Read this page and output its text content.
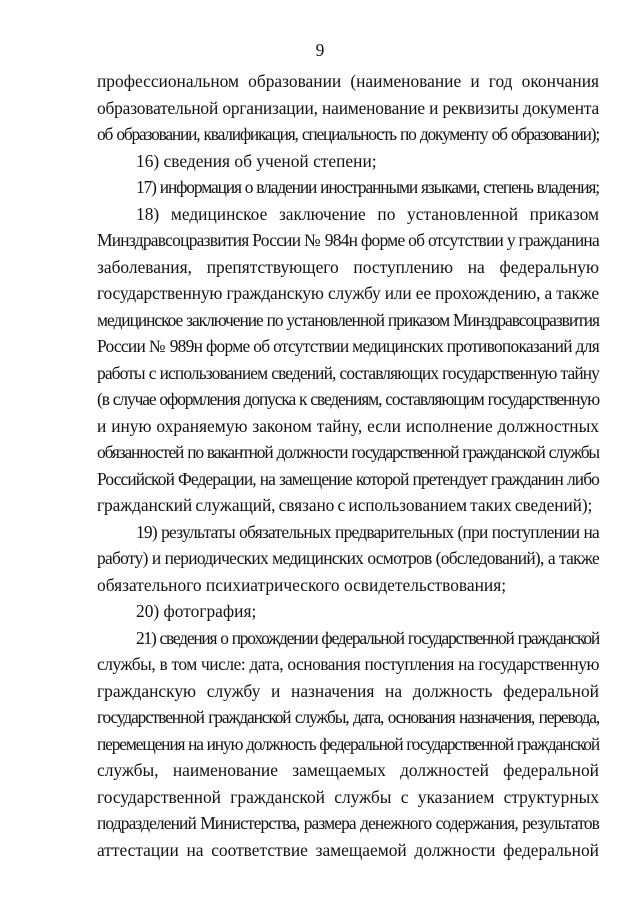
9
профессиональном образовании (наименование и год окончания
образовательной организации, наименование и реквизиты документа
об образовании, квалификация, специальность по документу об образовании);
16) сведения об ученой степени;
17) информация о владении иностранными языками, степень владения;
18) медицинское заключение по установленной приказом
Минздравсоцразвития России № 984н форме об отсутствии у гражданина
заболевания, препятствующего поступлению на федеральную
государственную гражданскую службу или ее прохождению, а также
медицинское заключение по установленной приказом Минздравсоцразвития
России № 989н форме об отсутствии медицинских противопоказаний для
работы с использованием сведений, составляющих государственную тайну
(в случае оформления допуска к сведениям, составляющим государственную
и иную охраняемую законом тайну, если исполнение должностных
обязанностей по вакантной должности государственной гражданской службы
Российской Федерации, на замещение которой претендует гражданин либо
гражданский служащий, связано с использованием таких сведений);
19) результаты обязательных предварительных (при поступлении на
работу) и периодических медицинских осмотров (обследований), а также
обязательного психиатрического освидетельствования;
20) фотография;
21) сведения о прохождении федеральной государственной гражданской
службы, в том числе: дата, основания поступления на государственную
гражданскую службу и назначения на должность федеральной
государственной гражданской службы, дата, основания назначения, перевода,
перемещения на иную должность федеральной государственной гражданской
службы, наименование замещаемых должностей федеральной
государственной гражданской службы с указанием структурных
подразделений Министерства, размера денежного содержания, результатов
аттестации на соответствие замещаемой должности федеральной
